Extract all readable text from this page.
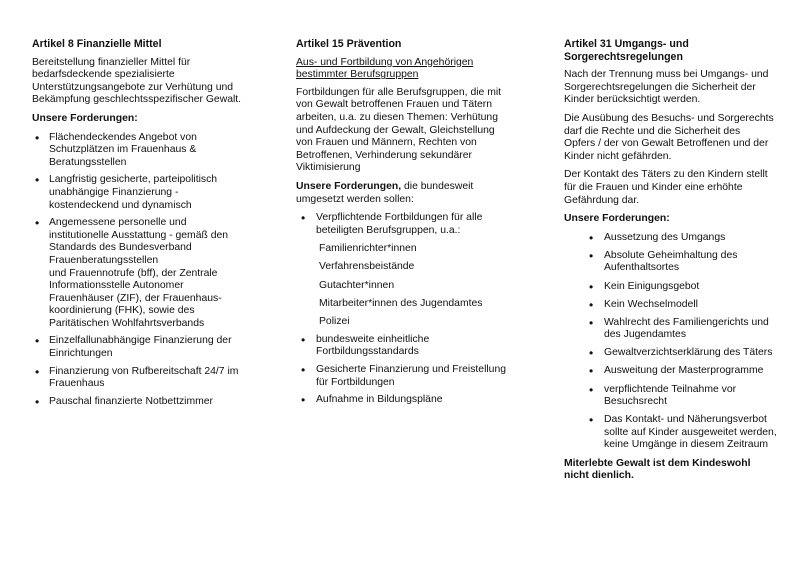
Artikel 8 Finanzielle Mittel

Bereitstellung finanzieller Mittel für
bedarfsdeckende spezialisierte
Unterstützungsangebote zur Verhütung und
Bekämpfung geschlechtsspezifischer Gewalt.

Unsere Forderungen:

• Flächendeckendes Angebot von
Schutzplätzen im Frauenhaus &
Beratungsstellen
• Langfristig gesicherte, parteipolitisch
unabhängige Finanzierung -
kostendeckend und dynamisch
• Angemessene personelle und
institutionelle Ausstattung - gemäß den
Standards des Bundesverband
Frauenberatungsstellen
und Frauennotrufe (bff), der Zentrale
Informationsstelle Autonomer
Frauenhäuser (ZIF), der Frauenhaus-
koordinierung (FHK), sowie des
Paritätischen Wohlfahrtsverbands
• Einzelfallunabhängige Finanzierung der
Einrichtungen
• Finanzierung von Rufbereitschaft 24/7 im
Frauenhaus
• Pauschal finanzierte Notbettzimmer
Artikel 15 Prävention

Aus- und Fortbildung von Angehörigen
bestimmter Berufsgruppen

Fortbildungen für alle Berufsgruppen, die mit
von Gewalt betroffenen Frauen und Tätern
arbeiten, u.a. zu diesen Themen: Verhütung
und Aufdeckung der Gewalt, Gleichstellung
von Frauen und Männern, Rechten von
Betroffenen, Verhinderung sekundärer
Viktimisierung

Unsere Forderungen, die bundesweit
umgesetzt werden sollen:

• Verpflichtende Fortbildungen für alle
beteiligten Berufsgruppen, u.a.:
Familienrichter*innen
Verfahrensbeistände
Gutachter*innen
Mitarbeiter*innen des Jugendamtes
Polizei
• bundesweite einheitliche
Fortbildungsstandards
• Gesicherte Finanzierung und Freistellung
für Fortbildungen
• Aufnahme in Bildungspläne
Artikel 31 Umgangs- und
Sorgerechtsregelungen

Nach der Trennung muss bei Umgangs- und
Sorgerechtsregelungen die Sicherheit der
Kinder berücksichtigt werden.

Die Ausübung des Besuchs- und Sorgerechts
darf die Rechte und die Sicherheit des
Opfers / der von Gewalt Betroffenen und der
Kinder nicht gefährden.

Der Kontakt des Täters zu den Kindern stellt
für die Frauen und Kinder eine erhöhte
Gefährdung dar.

Unsere Forderungen:

• Aussetzung des Umgangs
• Absolute Geheimhaltung des
Aufenthaltsortes
• Kein Einigungsgebot
• Kein Wechselmodell
• Wahlrecht des Familiengerichts und
des Jugendamtes
• Gewaltverzichtserklärung des Täters
• Ausweitung der Masterprogramme
• verpflichtende Teilnahme vor
Besuchsrecht
• Das Kontakt- und Näherungsverbot
sollte auf Kinder ausgeweitet werden,
keine Umgänge in diesem Zeitraum

Miterlebte Gewalt ist dem Kindeswohl
nicht dienlich.
